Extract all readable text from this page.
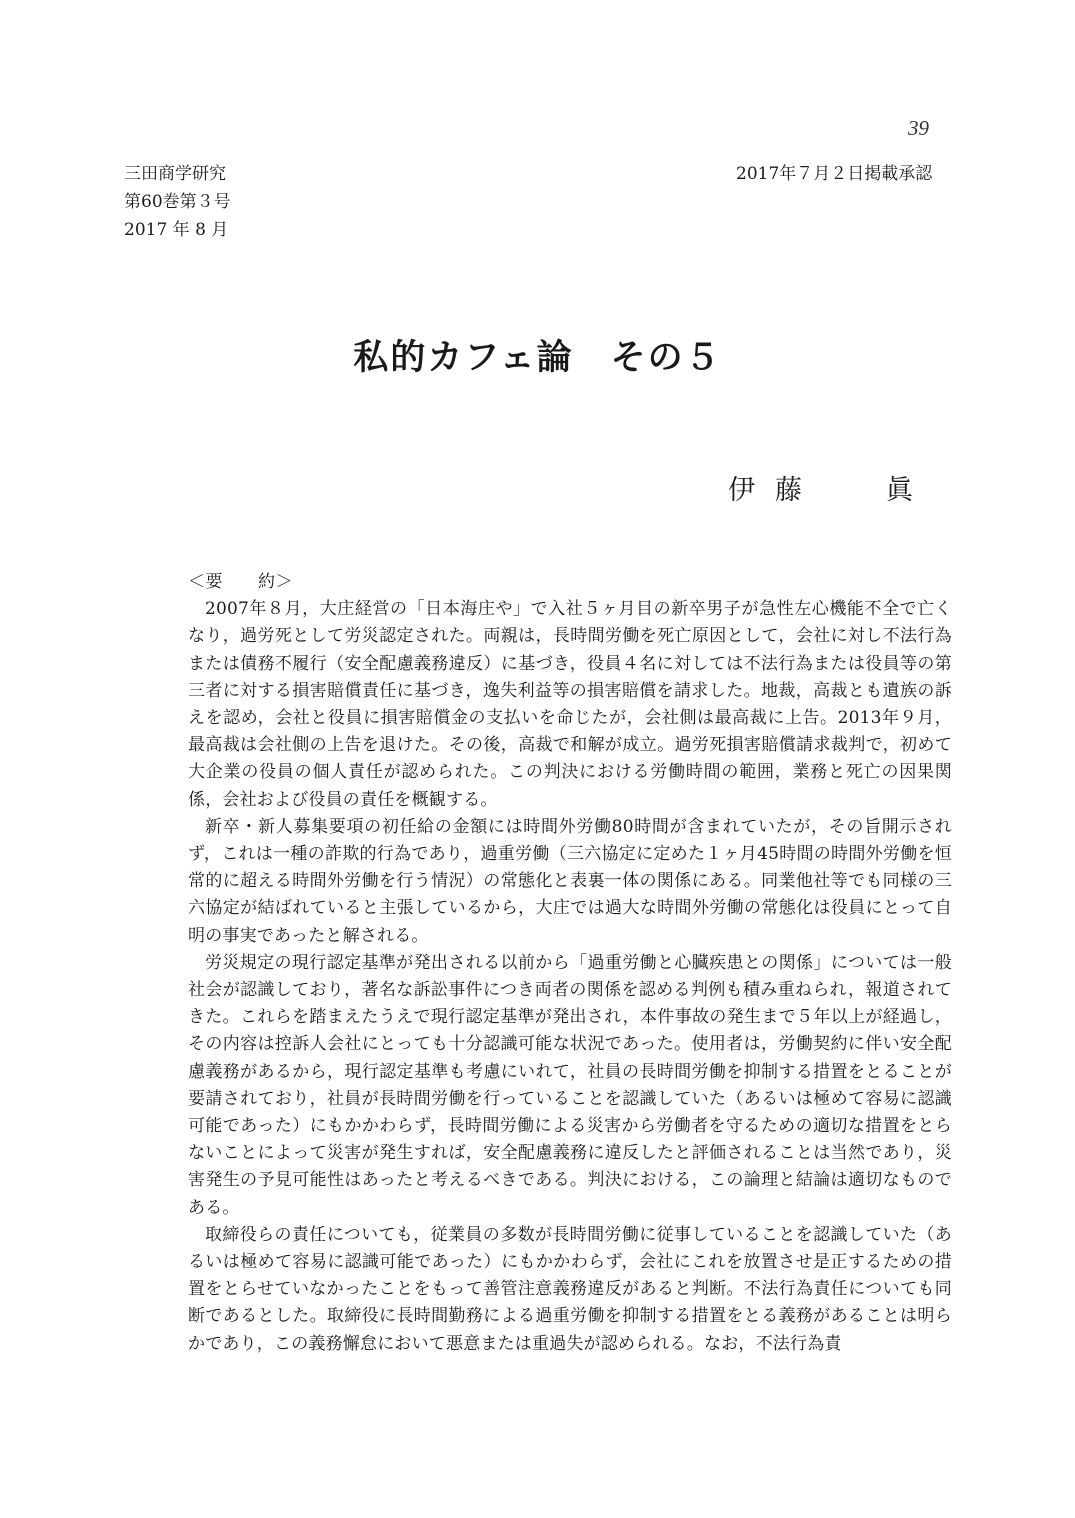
39
三田商学研究
第60巻第３号
2017 年 8 月
2017年７月２日掲載承認
私的カフェ論　その５
伊藤 眞
＜要　　約＞

2007年８月，大庄経営の「日本海庄や」で入社５ヶ月目の新卒男子が急性左心機能不全で亡くなり，過労死として労災認定された。両親は，長時間労働を死亡原因として，会社に対し不法行為または債務不履行（安全配慮義務違反）に基づき，役員４名に対しては不法行為または役員等の第三者に対する損害賠償責任に基づき，逸失利益等の損害賠償を請求した。地裁，高裁とも遺族の訴えを認め，会社と役員に損害賠償金の支払いを命じたが，会社側は最高裁に上告。2013年９月，最高裁は会社側の上告を退けた。その後，高裁で和解が成立。過労死損害賠償請求裁判で，初めて大企業の役員の個人責任が認められた。この判決における労働時間の範囲，業務と死亡の因果関係，会社および役員の責任を概観する。

新卒・新人募集要項の初任給の金額には時間外労働80時間が含まれていたが，その旨開示されず，これは一種の詐欺的行為であり，過重労働（三六協定に定めた１ヶ月45時間の時間外労働を恒常的に超える時間外労働を行う情況）の常態化と表裏一体の関係にある。同業他社等でも同様の三六協定が結ばれていると主張しているから，大庄では過大な時間外労働の常態化は役員にとって自明の事実であったと解される。

労災規定の現行認定基準が発出される以前から「過重労働と心臓疾患との関係」については一般社会が認識しており，著名な訴訟事件につき両者の関係を認める判例も積み重ねられ，報道されてきた。これらを踏まえたうえで現行認定基準が発出され，本件事故の発生まで５年以上が経過し，その内容は控訴人会社にとっても十分認識可能な状況であった。使用者は，労働契約に伴い安全配慮義務があるから，現行認定基準も考慮にいれて，社員の長時間労働を抑制する措置をとることが要請されており，社員が長時間労働を行っていることを認識していた（あるいは極めて容易に認識可能であった）にもかかわらず，長時間労働による災害から労働者を守るための適切な措置をとらないことによって災害が発生すれば，安全配慮義務に違反したと評価されることは当然であり，災害発生の予見可能性はあったと考えるべきである。判決における，この論理と結論は適切なものである。

取締役らの責任についても，従業員の多数が長時間労働に従事していることを認識していた（あるいは極めて容易に認識可能であった）にもかかわらず，会社にこれを放置させ是正するための措置をとらせていなかったことをもって善管注意義務違反があると判断。不法行為責任についても同断であるとした。取締役に長時間勤務による過重労働を抑制する措置をとる義務があることは明らかであり，この義務懈怠において悪意または重過失が認められる。なお，不法行為責
